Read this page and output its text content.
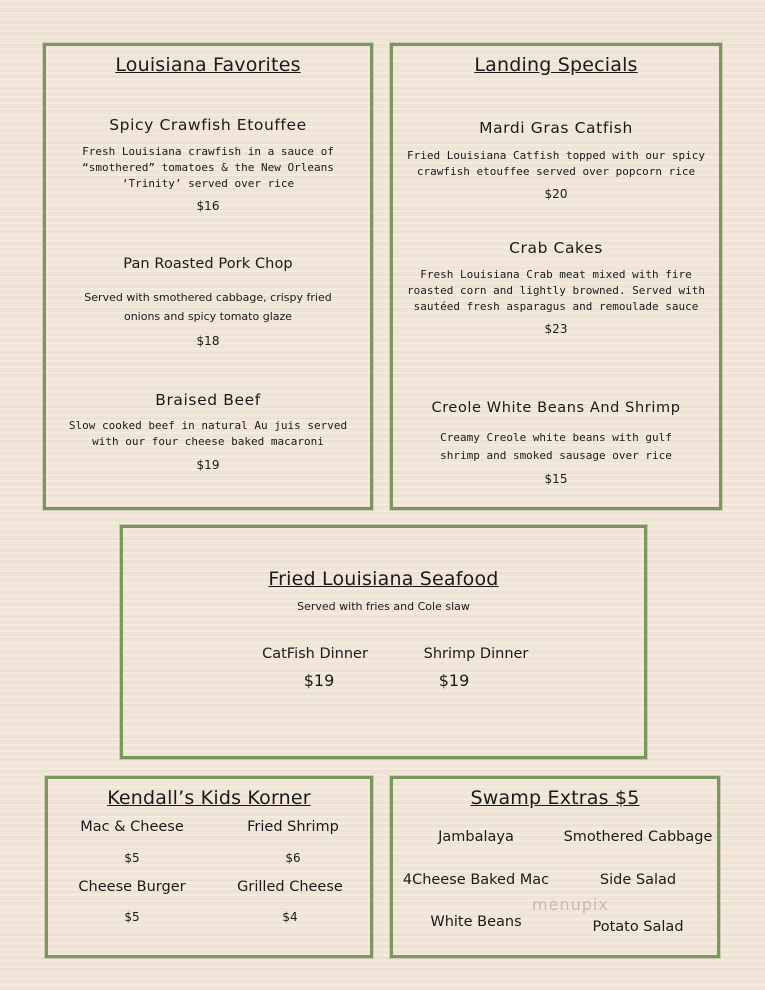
Louisiana Favorites
Spicy Crawfish Etouffee
Fresh Louisiana crawfish in a sauce of “smothered” tomatoes & the New Orleans ‘Trinity’ served over rice
$16
Pan Roasted Pork Chop
Served with smothered cabbage, crispy fried onions and spicy tomato glaze
$18
Braised Beef
Slow cooked beef in natural Au juis served with our four cheese baked macaroni
$19
Landing Specials
Mardi Gras Catfish
Fried Louisiana Catfish topped with our spicy crawfish etouffee served over popcorn rice
$20
Crab Cakes
Fresh Louisiana Crab meat mixed with fire roasted corn and lightly browned. Served with sautéed fresh asparagus and remoulade sauce
$23
Creole White Beans And Shrimp
Creamy Creole white beans with gulf shrimp and smoked sausage over rice
$15
Fried Louisiana Seafood
Served with fries and Cole slaw
CatFish Dinner
$19
Shrimp Dinner
$19
Kendall’s Kids Korner
Mac & Cheese
$5
Fried Shrimp
$6
Cheese Burger
$5
Grilled Cheese
$4
Swamp Extras $5
Jambalaya	Smothered Cabbage
4Cheese Baked Mac	Side Salad
White Beans	Potato Salad
menupix
